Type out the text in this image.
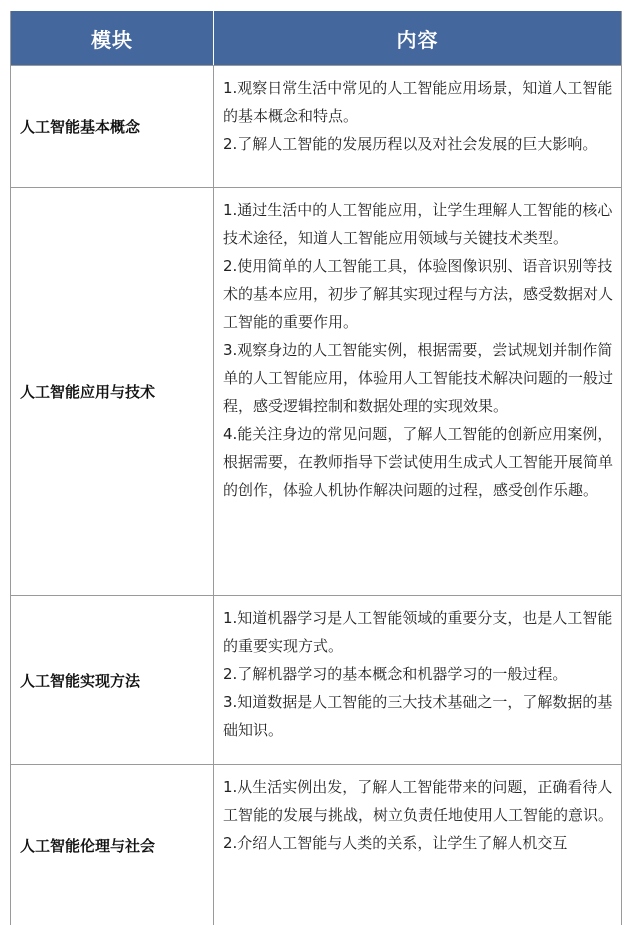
模块	内容
人工智能基本概念

1.观察日常生活中常见的人工智能应用场景，知道人工智能的基本概念和特点。

2.了解人工智能的发展历程以及对社会发展的巨大影响。

人工智能应用与技术

1.通过生活中的人工智能应用，让学生理解人工智能的核心技术途径，知道人工智能应用领域与关键技术类型。

2.使用简单的人工智能工具，体验图像识别、语音识别等技术的基本应用，初步了解其实现过程与方法，感受数据对人工智能的重要作用。

3.观察身边的人工智能实例，根据需要，尝试规划并制作简单的人工智能应用，体验用人工智能技术解决问题的一般过程，感受逻辑控制和数据处理的实现效果。

4.能关注身边的常见问题，了解人工智能的创新应用案例，根据需要，在教师指导下尝试使用生成式人工智能开展简单的创作，体验人机协作解决问题的过程，感受创作乐趣。

人工智能实现方法

1.知道机器学习是人工智能领域的重要分支，也是人工智能的重要实现方式。

2.了解机器学习的基本概念和机器学习的一般过程。

3.知道数据是人工智能的三大技术基础之一，了解数据的基础知识。

人工智能伦理与社会

1.从生活实例出发，了解人工智能带来的问题，正确看待人工智能的发展与挑战，树立负责任地使用人工智能的意识。

2.介绍人工智能与人类的关系，让学生了解人机交互
